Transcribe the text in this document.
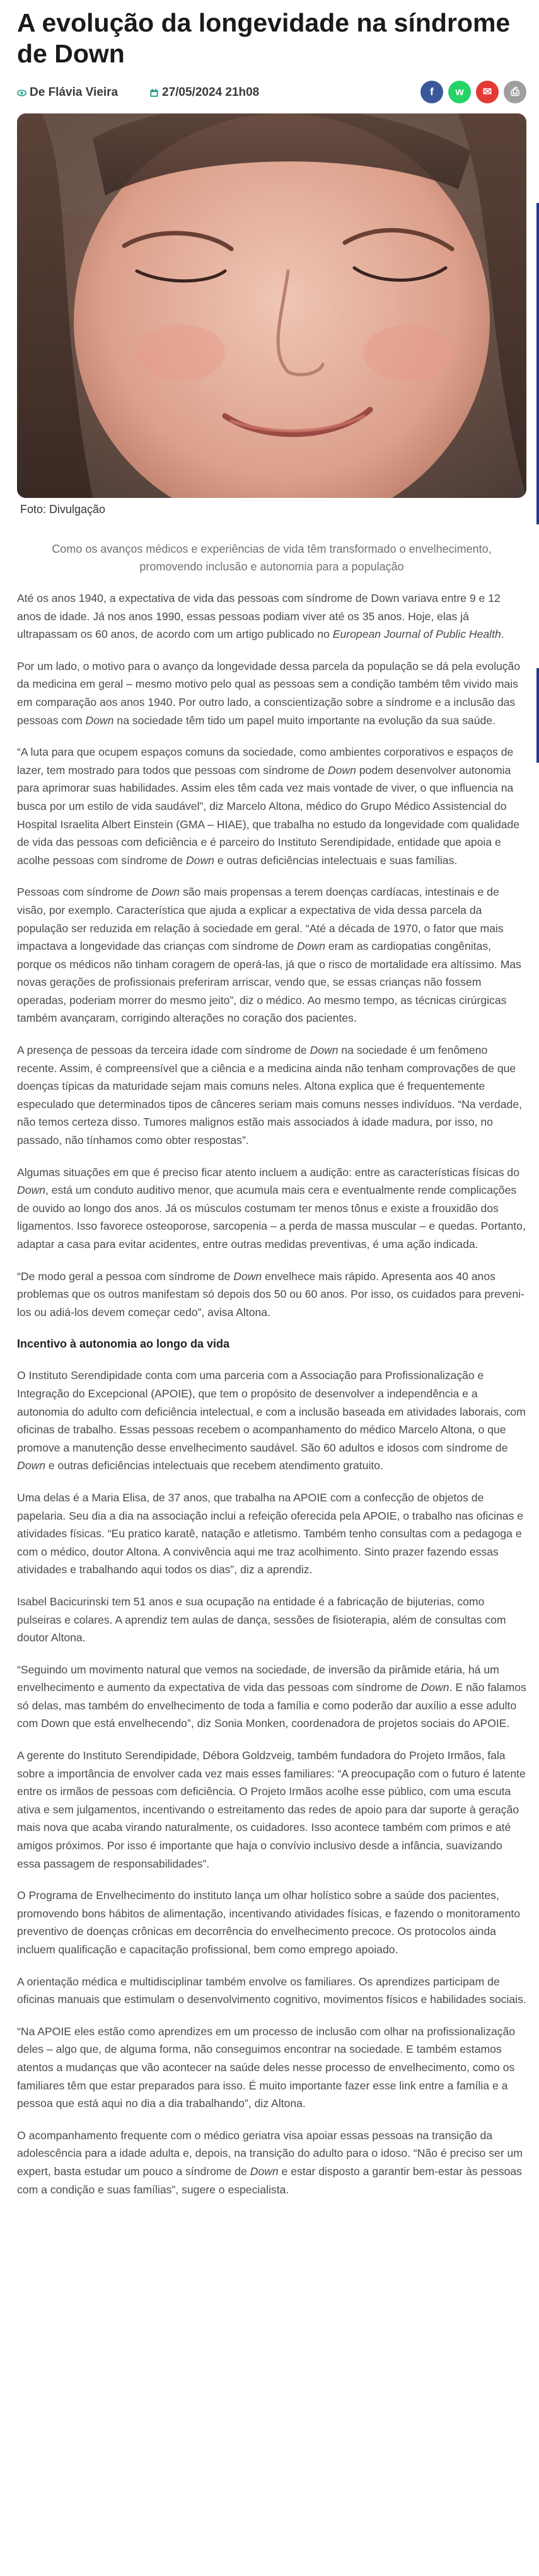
A evolução da longevidade na síndrome de Down
De Flávia Vieira	27/05/2024 21h08	f	w	✉	⎙
Foto: Divulgação
Como os avanços médicos e experiências de vida têm transformado o envelhecimento, promovendo inclusão e autonomia para a população

Até os anos 1940, a expectativa de vida das pessoas com síndrome de Down variava entre 9 e 12 anos de idade. Já nos anos 1990, essas pessoas podiam viver até os 35 anos. Hoje, elas já ultrapassam os 60 anos, de acordo com um artigo publicado no European Journal of Public Health.

Por um lado, o motivo para o avanço da longevidade dessa parcela da população se dá pela evolução da medicina em geral – mesmo motivo pelo qual as pessoas sem a condição também têm vivido mais em comparação aos anos 1940. Por outro lado, a conscientização sobre a síndrome e a inclusão das pessoas com Down na sociedade têm tido um papel muito importante na evolução da sua saúde.

“A luta para que ocupem espaços comuns da sociedade, como ambientes corporativos e espaços de lazer, tem mostrado para todos que pessoas com síndrome de Down podem desenvolver autonomia para aprimorar suas habilidades. Assim eles têm cada vez mais vontade de viver, o que influencia na busca por um estilo de vida saudável”, diz Marcelo Altona, médico do Grupo Médico Assistencial do Hospital Israelita Albert Einstein (GMA – HIAE), que trabalha no estudo da longevidade com qualidade de vida das pessoas com deficiência e é parceiro do Instituto Serendipidade, entidade que apoia e acolhe pessoas com síndrome de Down e outras deficiências intelectuais e suas famílias.

Pessoas com síndrome de Down são mais propensas a terem doenças cardíacas, intestinais e de visão, por exemplo. Característica que ajuda a explicar a expectativa de vida dessa parcela da população ser reduzida em relação à sociedade em geral. “Até a década de 1970, o fator que mais impactava a longevidade das crianças com síndrome de Down eram as cardiopatias congênitas, porque os médicos não tinham coragem de operá-las, já que o risco de mortalidade era altíssimo. Mas novas gerações de profissionais preferiram arriscar, vendo que, se essas crianças não fossem operadas, poderiam morrer do mesmo jeito”, diz o médico. Ao mesmo tempo, as técnicas cirúrgicas também avançaram, corrigindo alterações no coração dos pacientes.

A presença de pessoas da terceira idade com síndrome de Down na sociedade é um fenômeno recente. Assim, é compreensível que a ciência e a medicina ainda não tenham comprovações de que doenças típicas da maturidade sejam mais comuns neles. Altona explica que é frequentemente especulado que determinados tipos de cânceres seriam mais comuns nesses indivíduos. “Na verdade, não temos certeza disso. Tumores malignos estão mais associados à idade madura, por isso, no passado, não tínhamos como obter respostas”.

Algumas situações em que é preciso ficar atento incluem a audição: entre as características físicas do Down, está um conduto auditivo menor, que acumula mais cera e eventualmente rende complicações de ouvido ao longo dos anos. Já os músculos costumam ter menos tônus e existe a frouxidão dos ligamentos. Isso favorece osteoporose, sarcopenia – a perda de massa muscular – e quedas. Portanto, adaptar a casa para evitar acidentes, entre outras medidas preventivas, é uma ação indicada.

“De modo geral a pessoa com síndrome de Down envelhece mais rápido. Apresenta aos 40 anos problemas que os outros manifestam só depois dos 50 ou 60 anos. Por isso, os cuidados para preveni-los ou adiá-los devem começar cedo”, avisa Altona.

Incentivo à autonomia ao longo da vida

O Instituto Serendipidade conta com uma parceria com a Associação para Profissionalização e Integração do Excepcional (APOIE), que tem o propósito de desenvolver a independência e a autonomia do adulto com deficiência intelectual, e com a inclusão baseada em atividades laborais, com oficinas de trabalho. Essas pessoas recebem o acompanhamento do médico Marcelo Altona, o que promove a manutenção desse envelhecimento saudável. São 60 adultos e idosos com síndrome de Down e outras deficiências intelectuais que recebem atendimento gratuito.

Uma delas é a Maria Elisa, de 37 anos, que trabalha na APOIE com a confecção de objetos de papelaria. Seu dia a dia na associação inclui a refeição oferecida pela APOIE, o trabalho nas oficinas e atividades físicas. “Eu pratico karatê, natação e atletismo. Também tenho consultas com a pedagoga e com o médico, doutor Altona. A convivência aqui me traz acolhimento. Sinto prazer fazendo essas atividades e trabalhando aqui todos os dias”, diz a aprendiz.

Isabel Bacicurinski tem 51 anos e sua ocupação na entidade é a fabricação de bijuterias, como pulseiras e colares. A aprendiz tem aulas de dança, sessões de fisioterapia, além de consultas com doutor Altona.

“Seguindo um movimento natural que vemos na sociedade, de inversão da pirâmide etária, há um envelhecimento e aumento da expectativa de vida das pessoas com síndrome de Down. E não falamos só delas, mas também do envelhecimento de toda a família e como poderão dar auxílio a esse adulto com Down que está envelhecendo”, diz Sonia Monken, coordenadora de projetos sociais do APOIE.

A gerente do Instituto Serendipidade, Débora Goldzveig, também fundadora do Projeto Irmãos, fala sobre a importância de envolver cada vez mais esses familiares: “A preocupação com o futuro é latente entre os irmãos de pessoas com deficiência. O Projeto Irmãos acolhe esse público, com uma escuta ativa e sem julgamentos, incentivando o estreitamento das redes de apoio para dar suporte à geração mais nova que acaba virando naturalmente, os cuidadores. Isso acontece também com primos e até amigos próximos. Por isso é importante que haja o convívio inclusivo desde a infância, suavizando essa passagem de responsabilidades”.

O Programa de Envelhecimento do instituto lança um olhar holístico sobre a saúde dos pacientes, promovendo bons hábitos de alimentação, incentivando atividades físicas, e fazendo o monitoramento preventivo de doenças crônicas em decorrência do envelhecimento precoce. Os protocolos ainda incluem qualificação e capacitação profissional, bem como emprego apoiado.

A orientação médica e multidisciplinar também envolve os familiares. Os aprendizes participam de oficinas manuais que estimulam o desenvolvimento cognitivo, movimentos físicos e habilidades sociais.

“Na APOIE eles estão como aprendizes em um processo de inclusão com olhar na profissionalização deles – algo que, de alguma forma, não conseguimos encontrar na sociedade. E também estamos atentos a mudanças que vão acontecer na saúde deles nesse processo de envelhecimento, como os familiares têm que estar preparados para isso. É muito importante fazer esse link entre a família e a pessoa que está aqui no dia a dia trabalhando”, diz Altona.

O acompanhamento frequente com o médico geriatra visa apoiar essas pessoas na transição da adolescência para a idade adulta e, depois, na transição do adulto para o idoso. “Não é preciso ser um expert, basta estudar um pouco a síndrome de Down e estar disposto a garantir bem-estar às pessoas com a condição e suas famílias”, sugere o especialista.
